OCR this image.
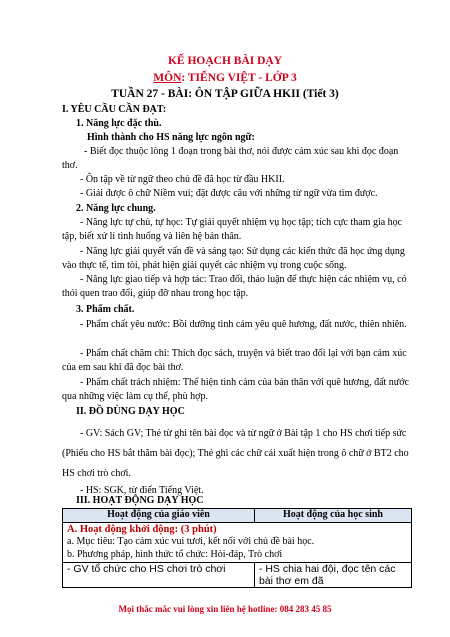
KẾ HOẠCH BÀI DẠY
MÔN: TIẾNG VIỆT - LỚP 3
TUẦN 27 - BÀI: ÔN TẬP GIỮA HKII (Tiết 3)
I. YÊU CẦU CẦN ĐẠT:
1. Năng lực đặc thù.
Hình thành cho HS năng lực ngôn ngữ:
- Biết đọc thuộc lòng 1 đoạn trong bài thơ, nói được cảm xúc sau khi đọc đoạn thơ.
- Ôn tập về từ ngữ theo chủ đề đã học từ đầu HKII.
- Giải được ô chữ Niềm vui; đặt được câu với những từ ngữ vừa tìm được.
2. Năng lực chung.
- Năng lực tự chủ, tự học: Tự giải quyết nhiệm vụ học tập; tích cực tham gia học tập, biết xử lí tình huống và liên hệ bản thân.
- Năng lực giải quyết vấn đề và sáng tạo: Sử dụng các kiến thức đã học ứng dụng vào thực tế, tìm tòi, phát hiện giải quyết các nhiệm vụ trong cuộc sống.
- Năng lực giao tiếp và hợp tác: Trao đổi, thảo luận để thực hiện các nhiệm vụ, có thói quen trao đổi, giúp đỡ nhau trong học tập.
3. Phẩm chất.
- Phẩm chất yêu nước: Bồi dưỡng tình cảm yêu quê hương, đất nước, thiên nhiên.
- Phẩm chất chăm chỉ: Thích đọc sách, truyện và biết trao đổi lại với bạn cảm xúc của em sau khi đã đọc bài thơ.
- Phẩm chất trách nhiệm: Thể hiện tình cảm của bản thân với quê hương, đất nước qua những việc làm cụ thể, phù hợp.
II. ĐỒ DÙNG DẠY HỌC
- GV: Sách GV; Thẻ từ ghi tên bài đọc và từ ngữ ở Bài tập 1 cho HS chơi tiếp sức (Phiếu cho HS bắt thăm bài đọc); Thẻ ghi các chữ cái xuất hiện trong ô chữ ở BT2 cho HS chơi trò chơi.
- HS: SGK, từ điển Tiếng Việt.
III. HOẠT ĐỘNG DẠY HỌC
Hoạt động của giáo viên	Hoạt động của học sinh

A. Hoạt động khởi động: (3 phút)
a. Mục tiêu: Tạo cảm xúc vui tươi, kết nối với chủ đề bài học.
b. Phương pháp, hình thức tổ chức: Hỏi-đáp, Trò chơi	

- GV tổ chức cho HS chơi trò chơi	- HS chia hai đội, đọc tên các bài thơ em đã
Mọi thắc mắc vui lòng xin liên hệ hotline: 084 283 45 85
